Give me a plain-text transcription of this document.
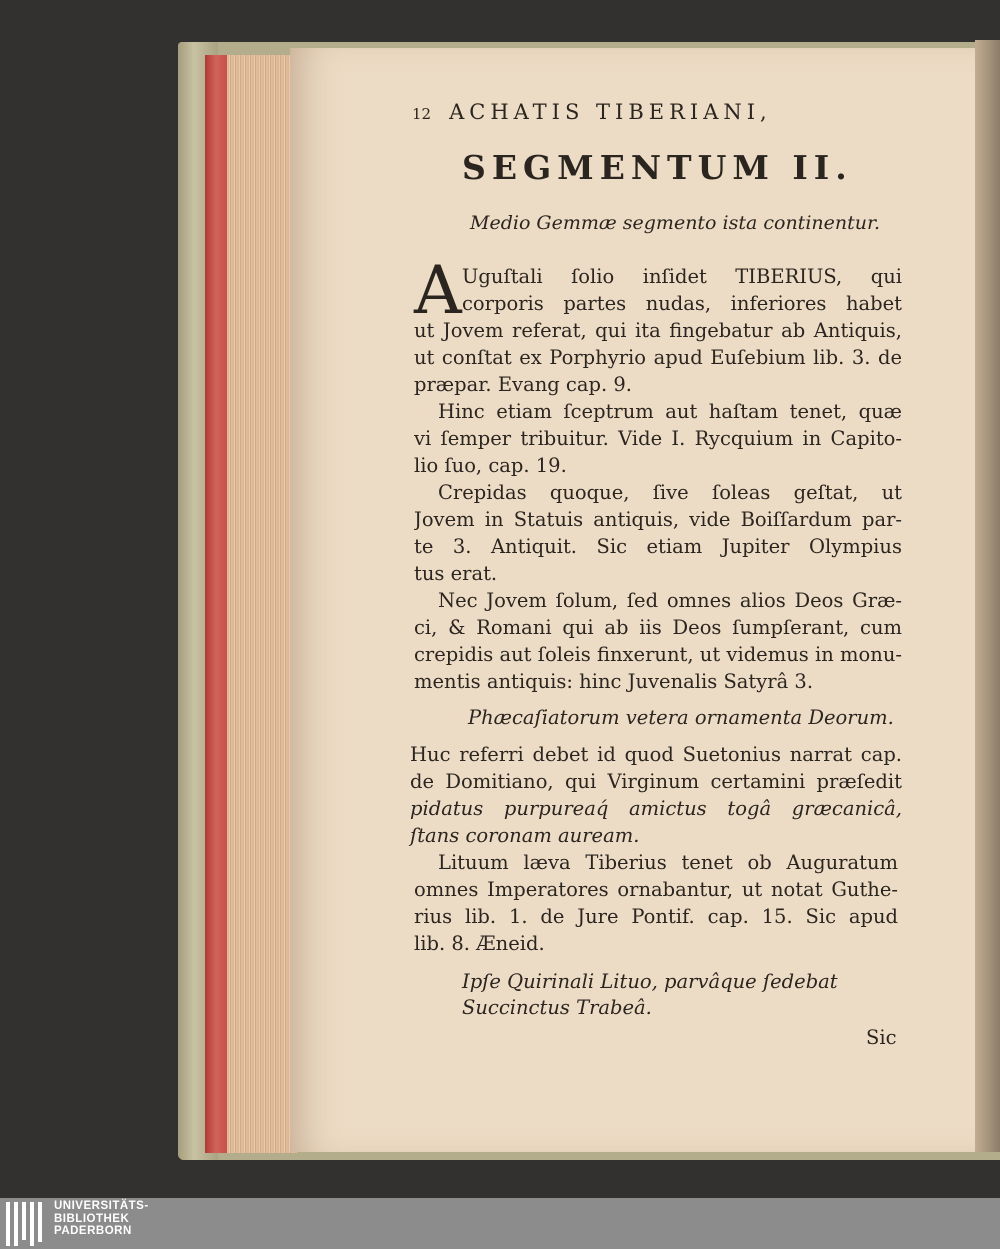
12 ACHATIS TIBERIANI,
SEGMENTUM II.
Medio Gemmæ segmento ista continentur.
A Uguſtali ſolio inſidet TIBERIUS, qui
corporis partes nudas, inferiores habet
ut Jovem referat, qui ita fingebatur ab Antiquis,
ut conſtat ex Porphyrio apud Euſebium lib. 3. de
præpar. Evang cap. 9.
Hinc etiam ſceptrum aut haſtam tenet, quæ
vi ſemper tribuitur. Vide I. Rycquium in Capito-
lio ſuo, cap. 19.
Crepidas quoque, ſive ſoleas geſtat, ut
Jovem in Statuis antiquis, vide Boiſſardum par-
te 3. Antiquit. Sic etiam Jupiter Olympius
tus erat.
Nec Jovem ſolum, ſed omnes alios Deos Græ-
ci, & Romani qui ab iis Deos ſumpſerant, cum
crepidis aut ſoleis finxerunt, ut videmus in monu-
mentis antiquis: hinc Juvenalis Satyrâ 3.
Phæcaſiatorum vetera ornamenta Deorum.
Huc referri debet id quod Suetonius narrat cap.
de Domitiano, qui Virginum certamini præſedit
pidatus purpureaq́ amictus togâ græcanicâ,
ſtans coronam auream.
Lituum læva Tiberius tenet ob Auguratum
omnes Imperatores ornabantur, ut notat Guthe-
rius lib. 1. de Jure Pontif. cap. 15. Sic apud
lib. 8. Æneid.
Ipſe Quirinali Lituo, parvâque ſedebat
Succinctus Trabeâ.
Sic
UNIVERSITÄTS-
BIBLIOTHEK
PADERBORN
